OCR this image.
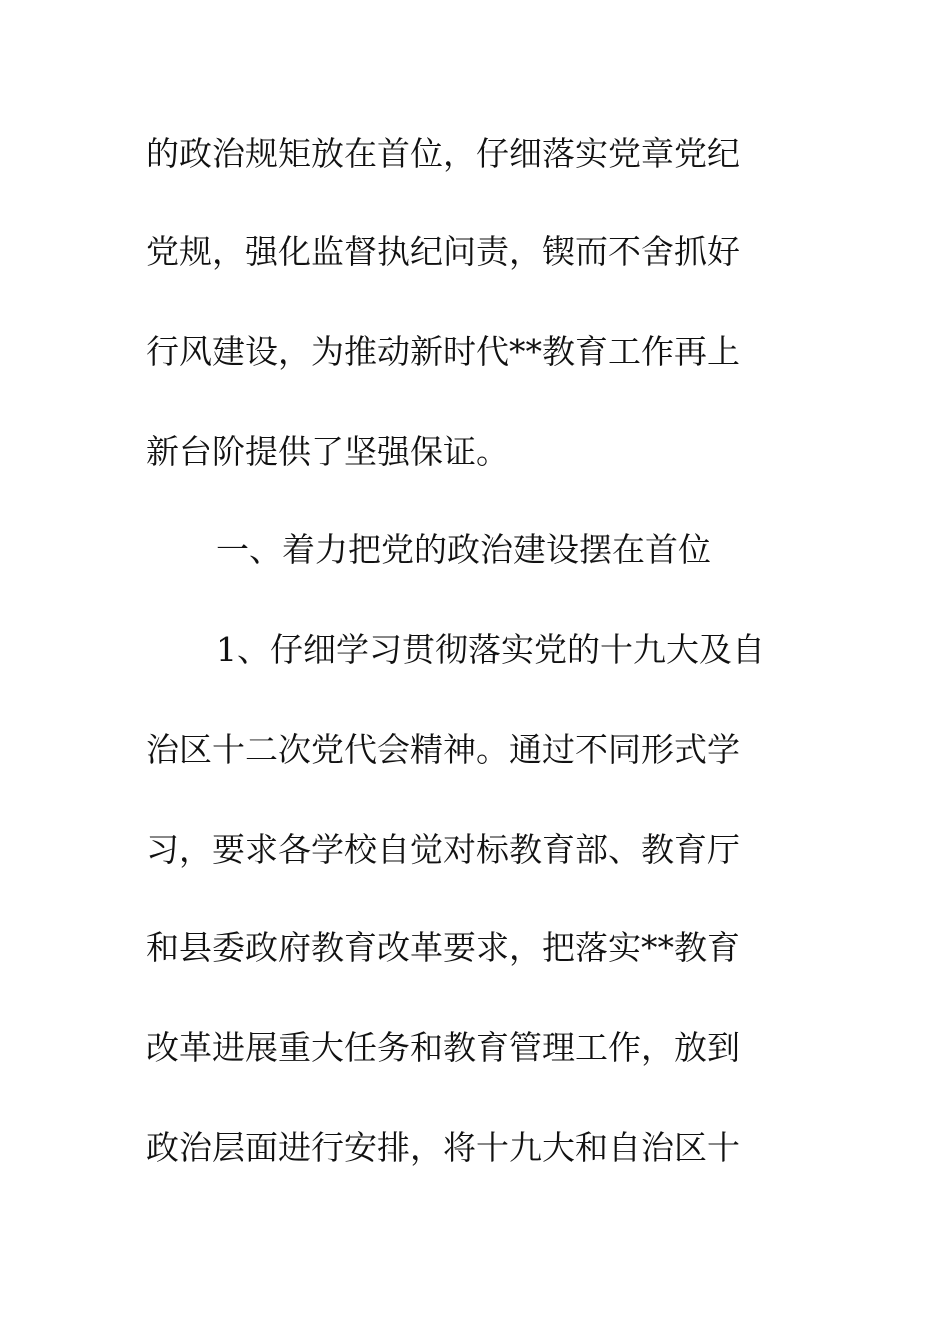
的政治规矩放在首位，仔细落实党章党纪
党规，强化监督执纪问责，锲而不舍抓好
行风建设，为推动新时代**教育工作再上
新台阶提供了坚强保证。
一、着力把党的政治建设摆在首位
1、仔细学习贯彻落实党的十九大及自
治区十二次党代会精神。通过不同形式学
习，要求各学校自觉对标教育部、教育厅
和县委政府教育改革要求，把落实**教育
改革进展重大任务和教育管理工作，放到
政治层面进行安排，将十九大和自治区十
